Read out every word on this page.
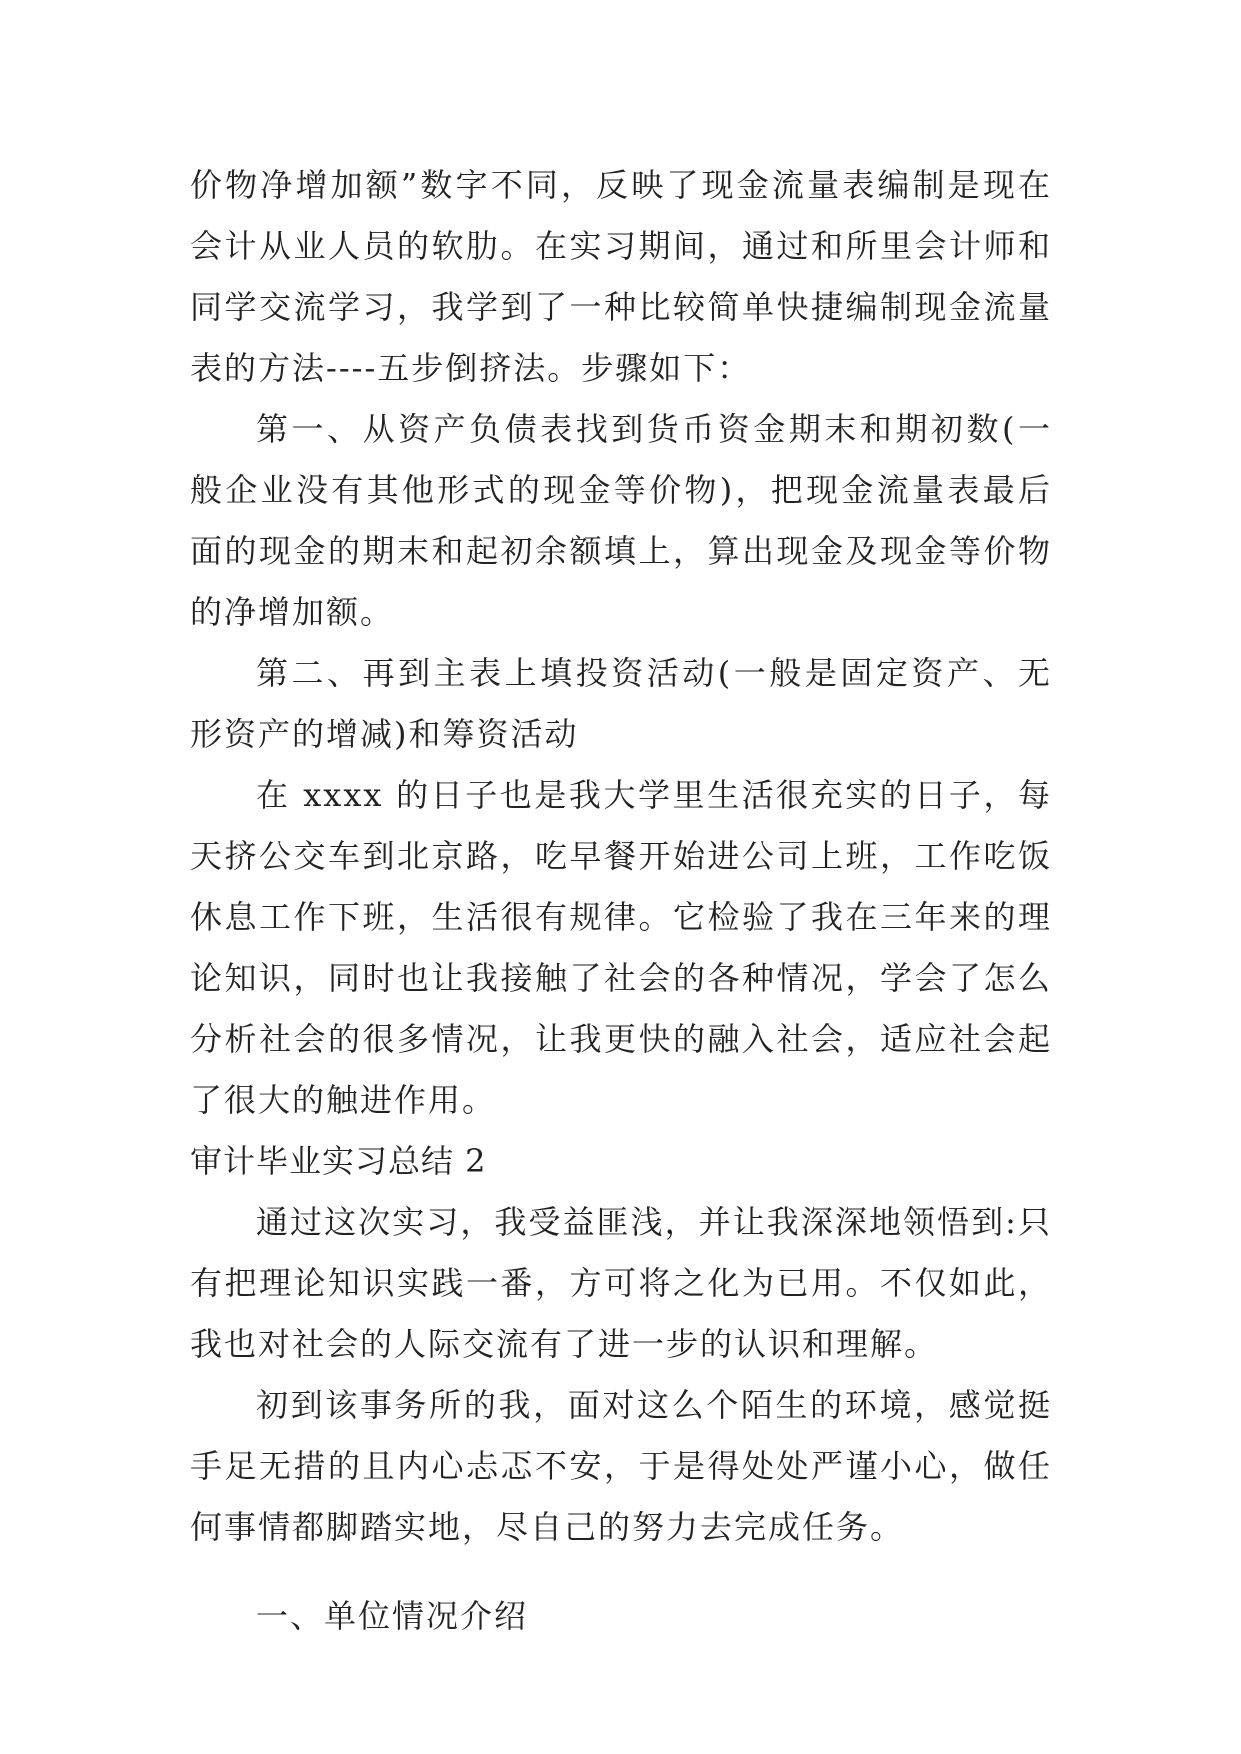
价物净增加额”数字不同，反映了现金流量表编制是现在会计从业人员的软肋。在实习期间，通过和所里会计师和同学交流学习，我学到了一种比较简单快捷编制现金流量表的方法----五步倒挤法。步骤如下：

第一、从资产负债表找到货币资金期末和期初数(一般企业没有其他形式的现金等价物)，把现金流量表最后面的现金的期末和起初余额填上，算出现金及现金等价物的净增加额。

第二、再到主表上填投资活动(一般是固定资产、无形资产的增减)和筹资活动

在 xxxx 的日子也是我大学里生活很充实的日子，每天挤公交车到北京路，吃早餐开始进公司上班，工作吃饭休息工作下班，生活很有规律。它检验了我在三年来的理论知识，同时也让我接触了社会的各种情况，学会了怎么分析社会的很多情况，让我更快的融入社会，适应社会起了很大的触进作用。

审计毕业实习总结 2

通过这次实习，我受益匪浅，并让我深深地领悟到:只有把理论知识实践一番，方可将之化为已用。不仅如此，我也对社会的人际交流有了进一步的认识和理解。

初到该事务所的我，面对这么个陌生的环境，感觉挺手足无措的且内心忐忑不安，于是得处处严谨小心，做任何事情都脚踏实地，尽自己的努力去完成任务。

一、单位情况介绍
